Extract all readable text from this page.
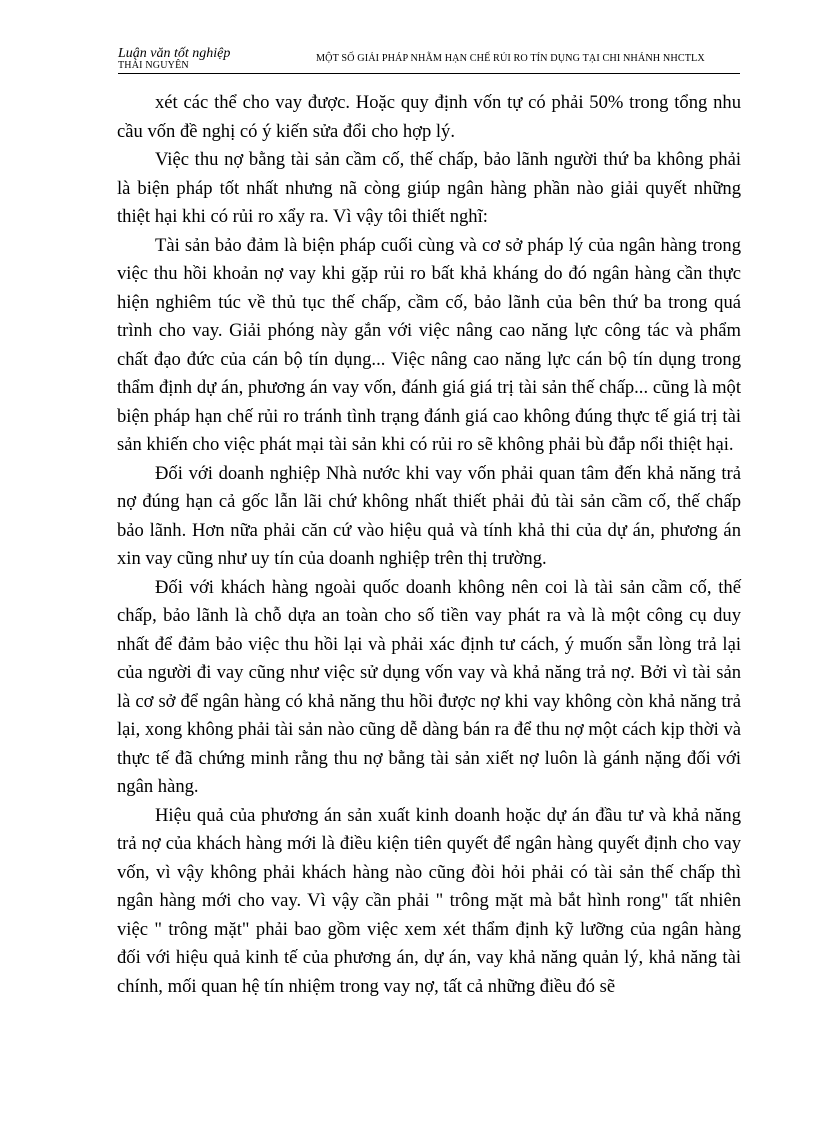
Luận văn tốt nghiệp
THÁI NGUYÊN
MỘT SỐ GIẢI PHÁP NHẰM HẠN CHẾ RỦI RO TÍN DỤNG TẠI CHI NHÁNH NHCTLX

xét các thể cho vay được. Hoặc quy định vốn tự có phải 50% trong tổng nhu cầu vốn đề nghị có ý kiến sửa đổi cho hợp lý.

Việc thu nợ bằng tài sản cầm cố, thế chấp, bảo lãnh người thứ ba không phải là biện pháp tốt nhất nhưng nã còng giúp ngân hàng phần nào giải quyết những thiệt hại khi có rủi ro xẩy ra. Vì vậy tôi thiết nghĩ:

Tài sản bảo đảm là biện pháp cuối cùng và cơ sở pháp lý của ngân hàng trong việc thu hồi khoản nợ vay khi gặp rủi ro bất khả kháng do đó ngân hàng cần thực hiện nghiêm túc về thủ tục thế chấp, cầm cố, bảo lãnh của bên thứ ba trong quá trình cho vay. Giải phóng này gắn với việc nâng cao năng lực công tác và phẩm chất đạo đức của cán bộ tín dụng... Việc nâng cao năng lực cán bộ tín dụng trong thẩm định dự án, phương án vay vốn, đánh giá giá trị tài sản thế chấp... cũng là một biện pháp hạn chế rủi ro tránh tình trạng đánh giá cao không đúng thực tế giá trị tài sản khiến cho việc phát mại tài sản khi có rủi ro sẽ không phải bù đắp nổi thiệt hại.

Đối với doanh nghiệp Nhà nước khi vay vốn phải quan tâm đến khả năng trả nợ đúng hạn cả gốc lẫn lãi chứ không nhất thiết phải đủ tài sản cầm cố, thế chấp bảo lãnh. Hơn nữa phải căn cứ vào hiệu quả và tính khả thi của dự án, phương án xin vay cũng như uy tín của doanh nghiệp trên thị trường.

Đối với khách hàng ngoài quốc doanh không nên coi là tài sản cầm cố, thế chấp, bảo lãnh là chỗ dựa an toàn cho số tiền vay phát ra và là một công cụ duy nhất để đảm bảo việc thu hồi lại và phải xác định tư cách, ý muốn sẵn lòng trả lại của người đi vay cũng như việc sử dụng vốn vay và khả năng trả nợ. Bởi vì tài sản là cơ sở để ngân hàng có khả năng thu hồi được nợ khi vay không còn khả năng trả lại, xong không phải tài sản nào cũng dễ dàng bán ra để thu nợ một cách kịp thời và thực tế đã chứng minh rằng thu nợ bằng tài sản xiết nợ luôn là gánh nặng đối với ngân hàng.

Hiệu quả của phương án sản xuất kinh doanh hoặc dự án đầu tư và khả năng trả nợ của khách hàng mới là điều kiện tiên quyết để ngân hàng quyết định cho vay vốn, vì vậy không phải khách hàng nào cũng đòi hỏi phải có tài sản thế chấp thì ngân hàng mới cho vay. Vì vậy cần phải " trông mặt mà bắt hình rong" tất nhiên việc " trông mặt" phải bao gồm việc xem xét thẩm định kỹ lưỡng của ngân hàng đối với hiệu quả kinh tế của phương án, dự án, vay khả năng quản lý, khả năng tài chính, mối quan hệ tín nhiệm trong vay nợ, tất cả những điều đó sẽ
